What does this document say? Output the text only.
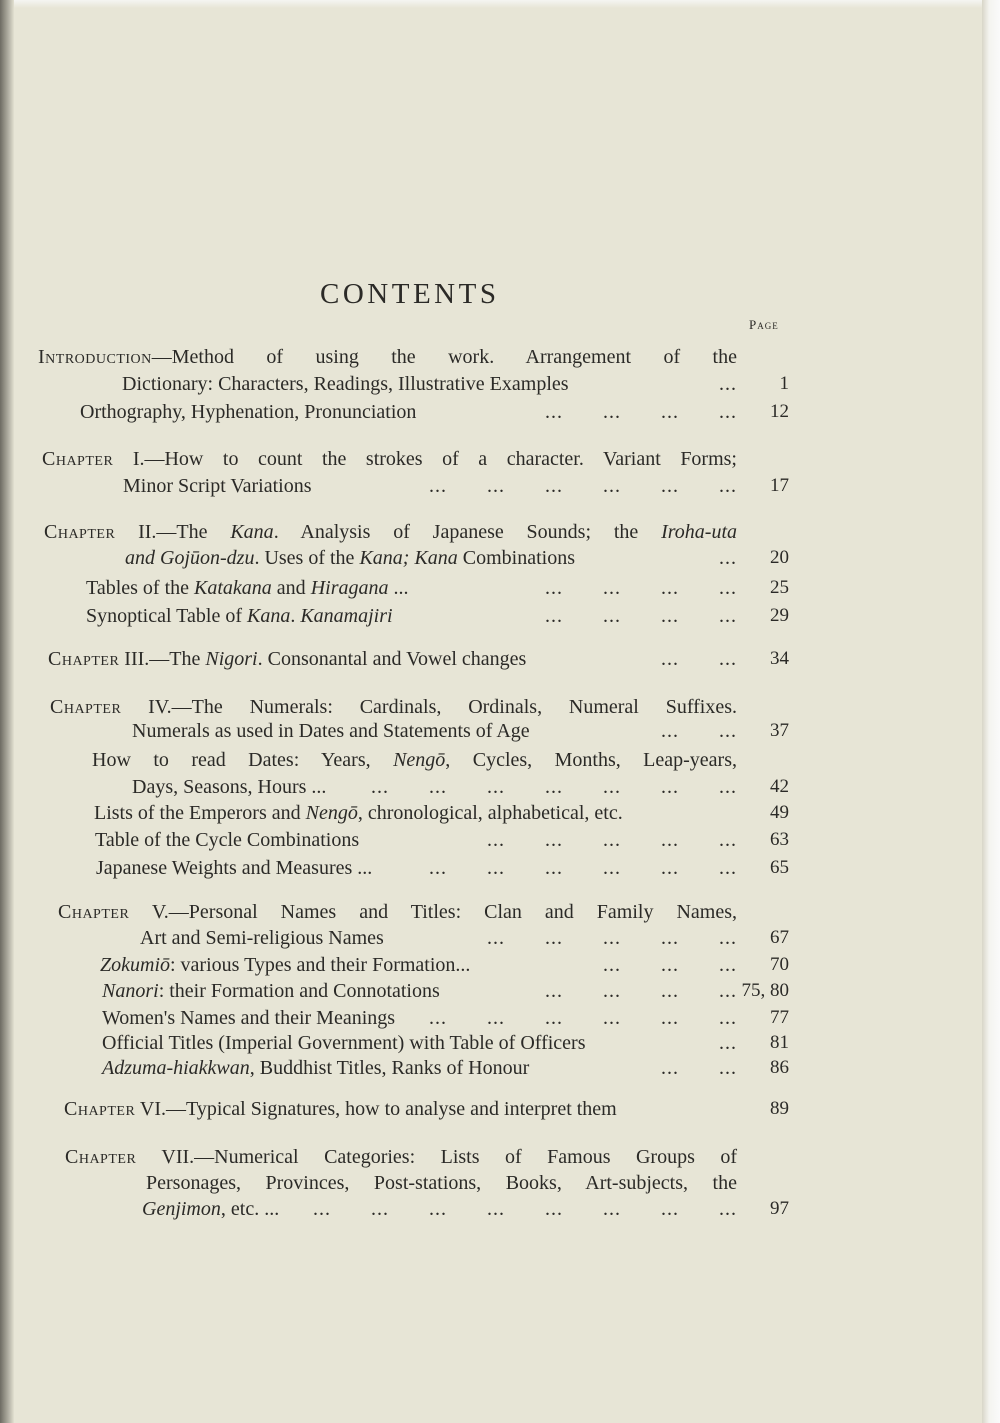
CONTENTS
Page
Introduction—Method of using the work. Arrangement of the
Dictionary: Characters, Readings, Illustrative Examples	...	1
Orthography, Hyphenation, Pronunciation	... ... ... ...	12
Chapter I.—How to count the strokes of a character. Variant Forms;
Minor Script Variations	... ... ... ... ... ...	17
Chapter II.—The Kana. Analysis of Japanese Sounds; the Iroha-uta
and Gojūon-dzu. Uses of the Kana; Kana Combinations	...	20
Tables of the Katakana and Hiragana ...	... ... ... ...	25
Synoptical Table of Kana. Kanamajiri	... ... ... ...	29
Chapter III.—The Nigori. Consonantal and Vowel changes	... ...	34
Chapter IV.—The Numerals: Cardinals, Ordinals, Numeral Suffixes.
Numerals as used in Dates and Statements of Age	... ...	37
How to read Dates: Years, Nengō, Cycles, Months, Leap-years,
Days, Seasons, Hours ...	... ... ... ... ... ... ...	42
Lists of the Emperors and Nengō, chronological, alphabetical, etc.	49
Table of the Cycle Combinations	... ... ... ... ...	63
Japanese Weights and Measures ...	... ... ... ... ... ...	65
Chapter V.—Personal Names and Titles: Clan and Family Names,
Art and Semi-religious Names	... ... ... ... ...	67
Zokumiō: various Types and their Formation...	... ... ...	70
Nanori: their Formation and Connotations	... ... ... ... 75, 80
Women's Names and their Meanings	... ... ... ... ... ...	77
Official Titles (Imperial Government) with Table of Officers	...	81
Adzuma-hiakkwan, Buddhist Titles, Ranks of Honour	... ...	86
Chapter VI.—Typical Signatures, how to analyse and interpret them	89
Chapter VII.—Numerical Categories: Lists of Famous Groups of
Personages, Provinces, Post-stations, Books, Art-subjects, the
Genjimon, etc. ...	... ... ... ... ... ... ... ...	97
